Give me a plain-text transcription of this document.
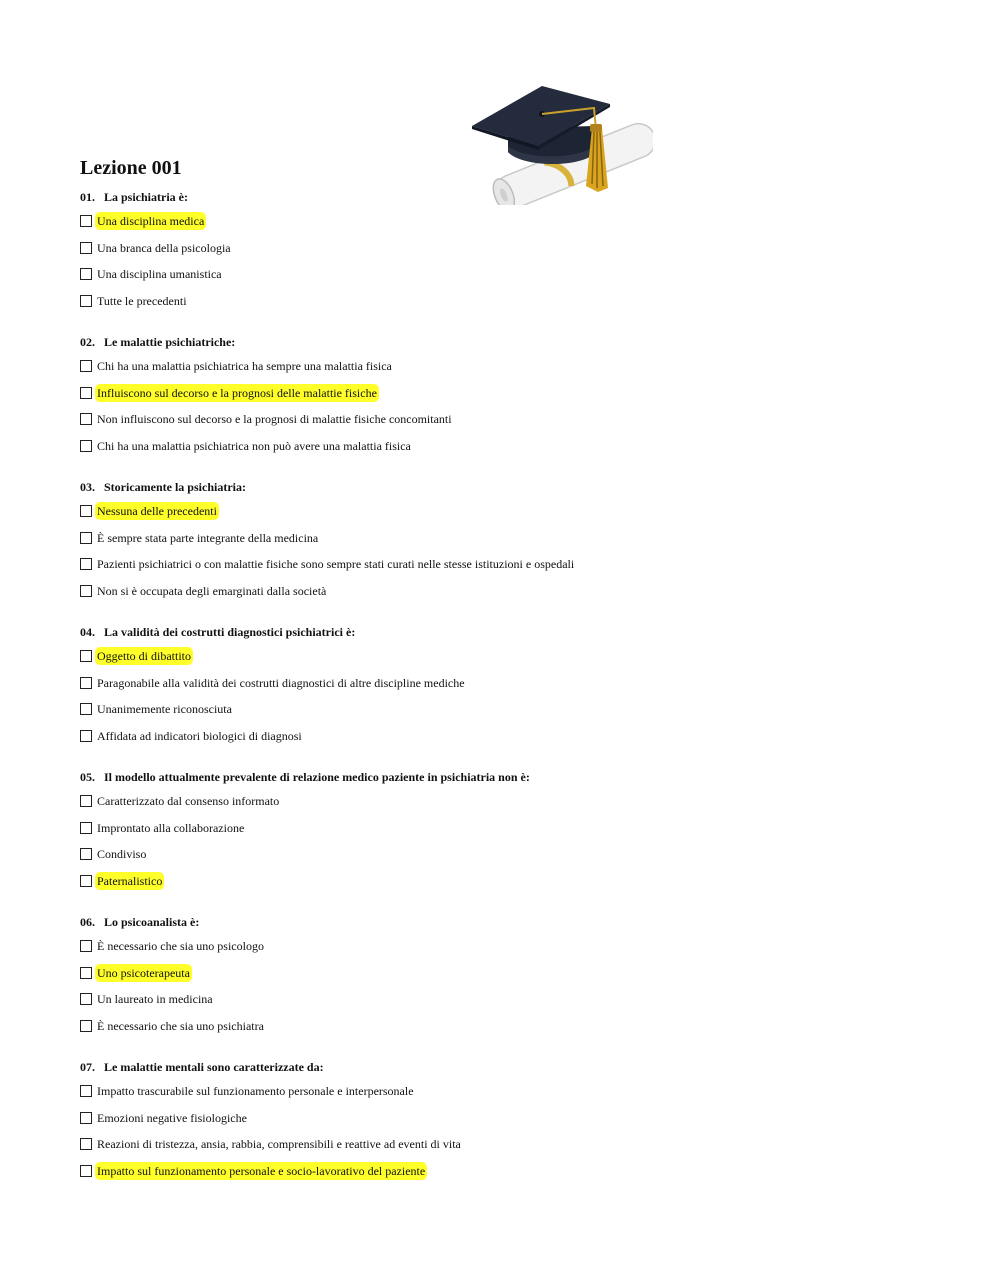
Lezione 001
01. La psichiatria è:
Una disciplina medica
Una branca della psicologia
Una disciplina umanistica
Tutte le precedenti
02. Le malattie psichiatriche:
Chi ha una malattia psichiatrica ha sempre una malattia fisica
Influiscono sul decorso e la prognosi delle malattie fisiche
Non influiscono sul decorso e la prognosi di malattie fisiche concomitanti
Chi ha una malattia psichiatrica non può avere una malattia fisica
03. Storicamente la psichiatria:
Nessuna delle precedenti
È sempre stata parte integrante della medicina
Pazienti psichiatrici o con malattie fisiche sono sempre stati curati nelle stesse istituzioni e ospedali
Non si è occupata degli emarginati dalla società
04. La validità dei costrutti diagnostici psichiatrici è:
Oggetto di dibattito
Paragonabile alla validità dei costrutti diagnostici di altre discipline mediche
Unanimemente riconosciuta
Affidata ad indicatori biologici di diagnosi
05. Il modello attualmente prevalente di relazione medico paziente in psichiatria non è:
Caratterizzato dal consenso informato
Improntato alla collaborazione
Condiviso
Paternalistico
06. Lo psicoanalista è:
È necessario che sia uno psicologo
Uno psicoterapeuta
Un laureato in medicina
È necessario che sia uno psichiatra
07. Le malattie mentali sono caratterizzate da:
Impatto trascurabile sul funzionamento personale e interpersonale
Emozioni negative fisiologiche
Reazioni di tristezza, ansia, rabbia, comprensibili e reattive ad eventi di vita
Impatto sul funzionamento personale e socio-lavorativo del paziente
